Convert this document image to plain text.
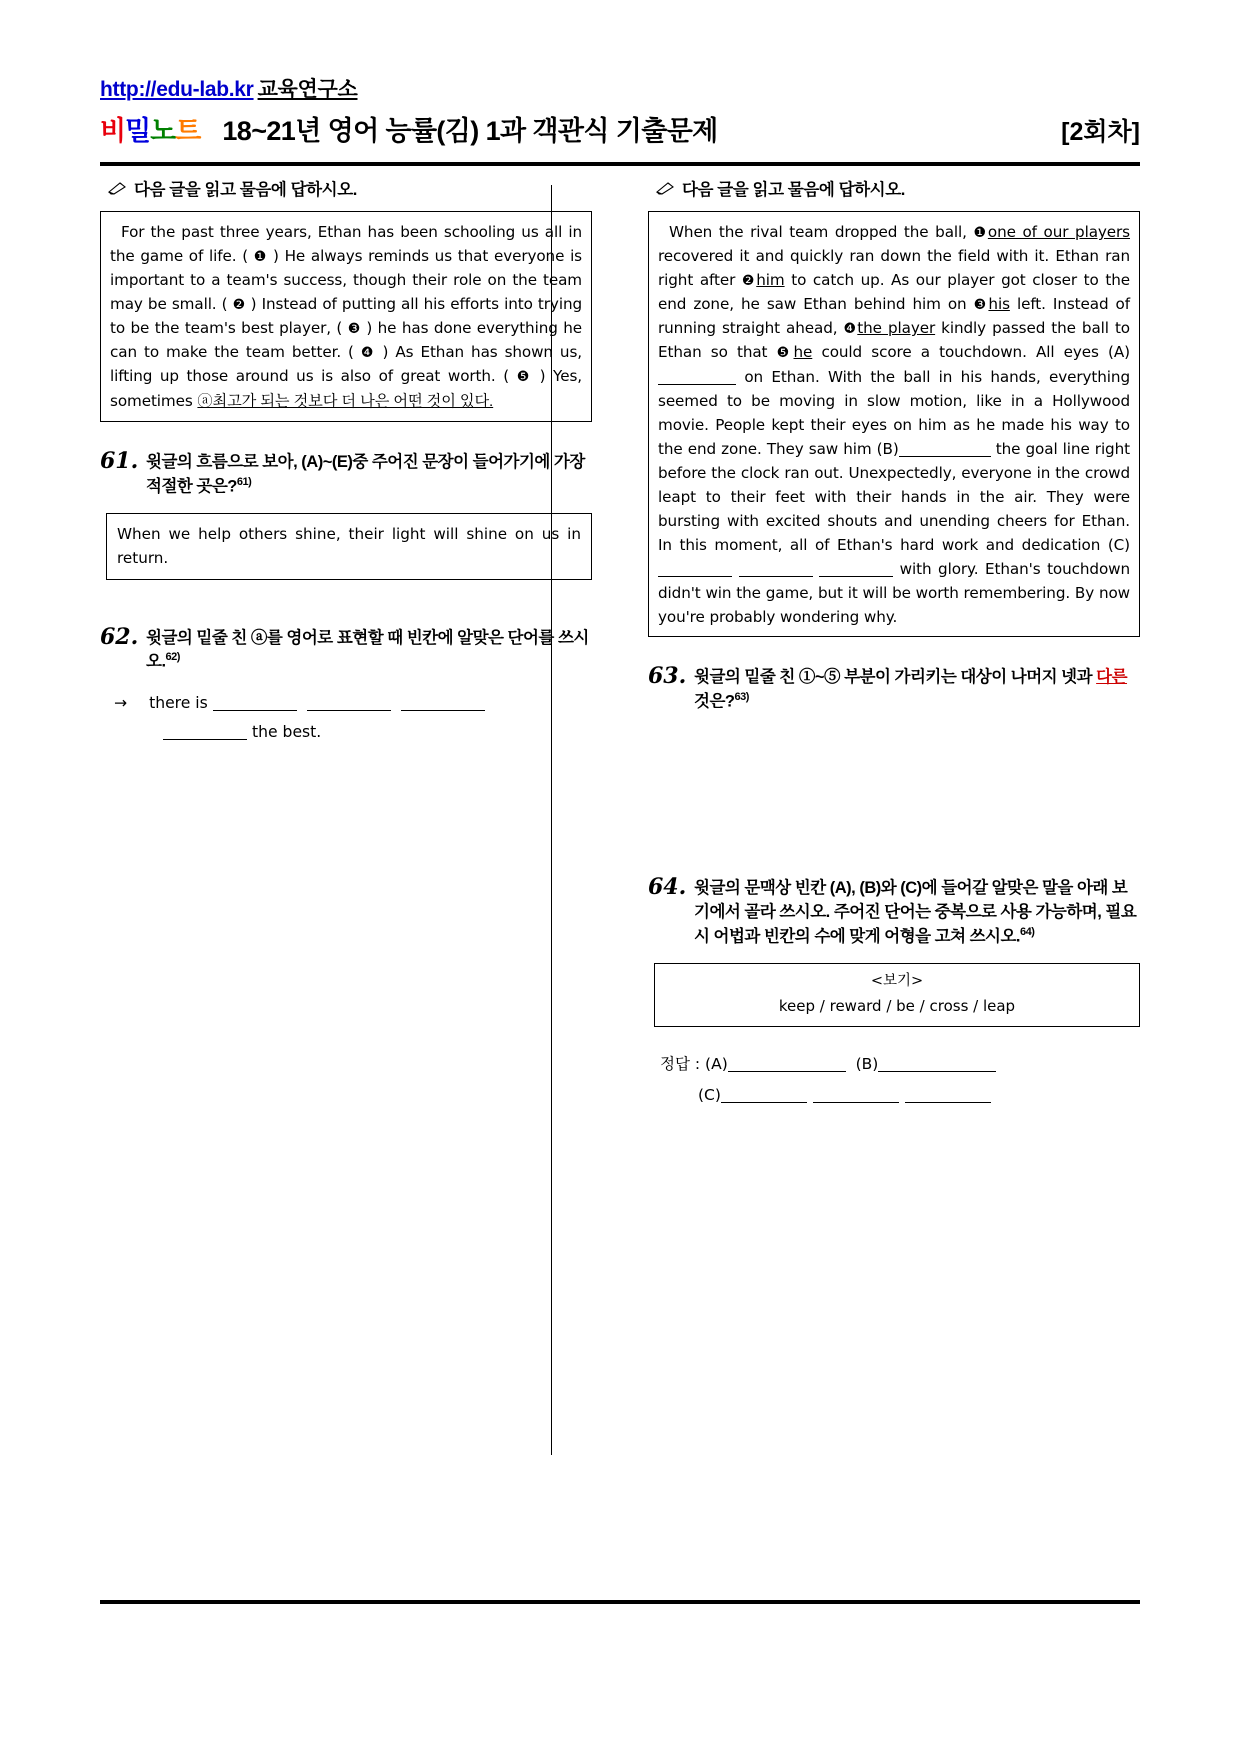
http://edu-lab.kr 교육연구소
비밀노트 18~21년 영어 능률(김) 1과 객관식 기출문제	[2회차]
다음 글을 읽고 물음에 답하시오.

For the past three years, Ethan has been schooling us all in the game of life. ( ❶ ) He always reminds us that everyone is important to a team's success, though their role on the team may be small. ( ❷ ) Instead of putting all his efforts into trying to be the team's best player, ( ❸ ) he has done everything he can to make the team better. ( ❹ ) As Ethan has shown us, lifting up those around us is also of great worth. ( ❺ ) Yes, sometimes ⓐ최고가 되는 것보다 더 나은 어떤 것이 있다.

61. 윗글의 흐름으로 보아, (A)~(E)중 주어진 문장이 들어가기에 가장 적절한 곳은?$^{61)}$
When we help others shine, their light will shine on us in return.
62. 윗글의 밑줄 친 ⓐ를 영어로 표현할 때 빈칸에 알맞은 단어를 쓰시오.$^{62)}$
→ there is
the best.
다음 글을 읽고 물음에 답하시오.

When the rival team dropped the ball, ❶one of our players recovered it and quickly ran down the field with it. Ethan ran right after ❷him to catch up. As our player got closer to the end zone, he saw Ethan behind him on ❸his left. Instead of running straight ahead, ❹the player kindly passed the ball to Ethan so that ❺he could score a touchdown. All eyes (A) on Ethan. With the ball in his hands, everything seemed to be moving in slow motion, like in a Hollywood movie. People kept their eyes on him as he made his way to the end zone. They saw him (B)	the goal line right before the clock ran out. Unexpectedly, everyone in the crowd leapt to their feet with their hands in the air. They were bursting with excited shouts and unending cheers for Ethan. In this moment, all of Ethan's hard work and dedication (C)   with glory. Ethan's touchdown didn't win the game, but it will be worth remembering. By now you're probably wondering why.

63. 윗글의 밑줄 친 ①~⑤ 부분이 가리키는 대상이 나머지 넷과 다른 것은?$^{63)}$
64. 윗글의 문맥상 빈칸 (A), (B)와 (C)에 들어갈 알맞은 말을 아래 보기에서 골라 쓰시오. 주어진 단어는 중복으로 사용 가능하며, 필요시 어법과 빈칸의 수에 맞게 어형을 고쳐 쓰시오.$^{64)}$
<보기>
keep / reward / be / cross / leap
정답 : (A)	(B)
(C)
